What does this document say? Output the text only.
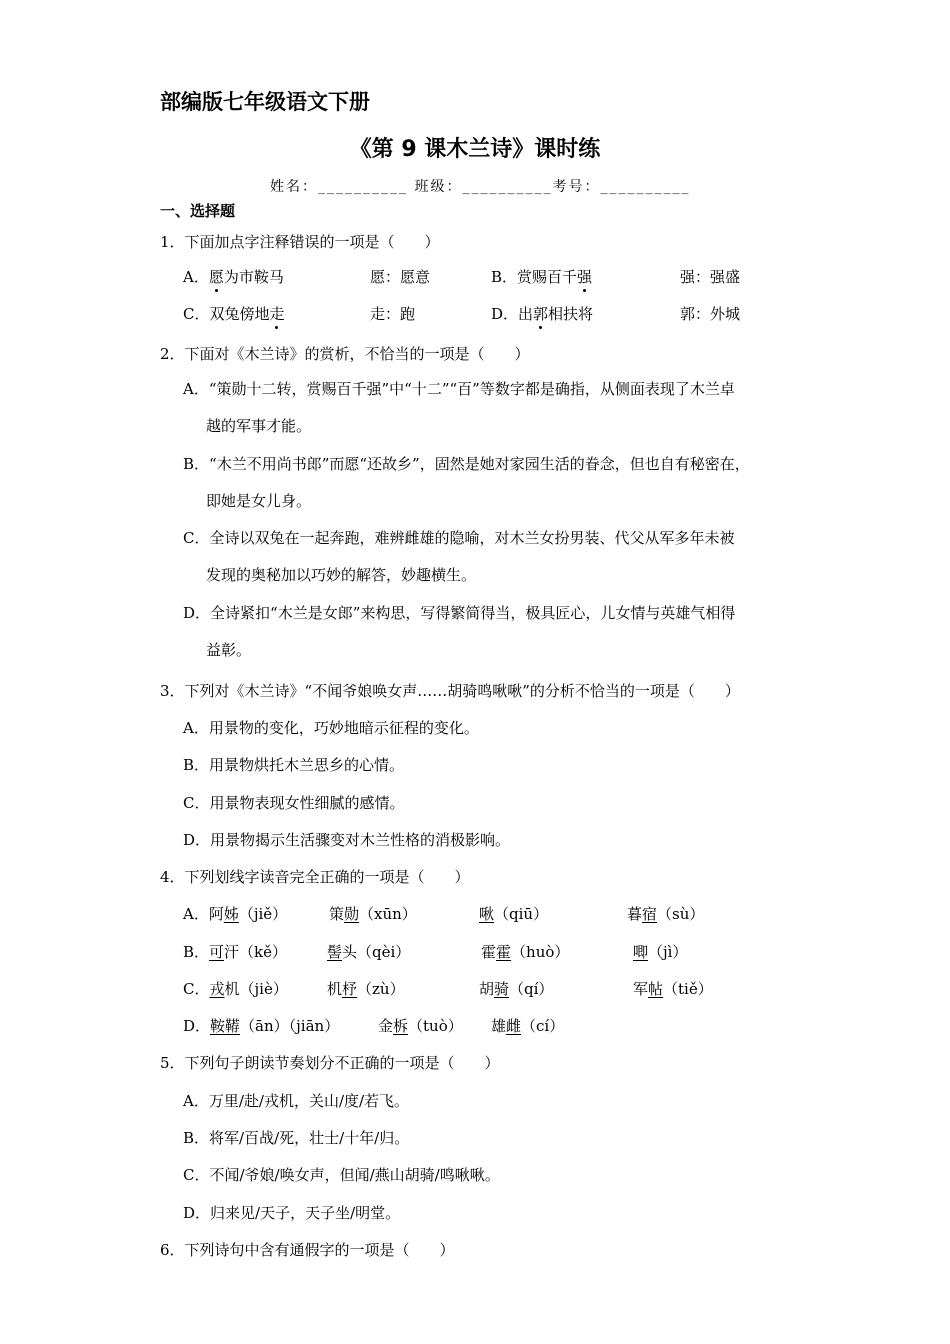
部编版七年级语文下册
《第 9 课木兰诗》课时练
姓名：__________ 班级：__________考号：__________
一、选择题
1．下面加点字注释错误的一项是（　　）
A．愿为市鞍马	愿：愿意	B．赏赐百千强	强：强盛
C．双兔傍地走	走：跑	D．出郭相扶将	郭：外城
2．下面对《木兰诗》的赏析，不恰当的一项是（　　）
A．“策勋十二转，赏赐百千强”中“十二”“百”等数字都是确指，从侧面表现了木兰卓
越的军事才能。
B．“木兰不用尚书郎”而愿“还故乡”，固然是她对家园生活的眷念，但也自有秘密在，
即她是女儿身。
C．全诗以双兔在一起奔跑，难辨雌雄的隐喻，对木兰女扮男装、代父从军多年未被
发现的奥秘加以巧妙的解答，妙趣横生。
D．全诗紧扣“木兰是女郎”来构思，写得繁简得当，极具匠心，儿女情与英雄气相得
益彰。
3．下列对《木兰诗》“不闻爷娘唤女声……胡骑鸣啾啾”的分析不恰当的一项是（　　）
A．用景物的变化，巧妙地暗示征程的变化。
B．用景物烘托木兰思乡的心情。
C．用景物表现女性细腻的感情。
D．用景物揭示生活骤变对木兰性格的消极影响。
4．下列划线字读音完全正确的一项是（　　）
A．阿姊（jiě）	策勋（xūn）	啾（qiū）	暮宿（sù）
B．可汗（kě）	髻头（qèi）	霍霍（huò）	唧（jì）
C．戎机（jiè）	机杼（zù）	胡骑（qí）	军帖（tiě）
D．鞍鞯（ān）（jiān）	金柝（tuò） 雄雌（cí）
5．下列句子朗读节奏划分不正确的一项是（　　）
A．万里/赴/戎机，关山/度/若飞。
B．将军/百战/死，壮士/十年/归。
C．不闻/爷娘/唤女声，但闻/燕山胡骑/鸣啾啾。
D．归来见/天子，天子坐/明堂。
6．下列诗句中含有通假字的一项是（　　）
